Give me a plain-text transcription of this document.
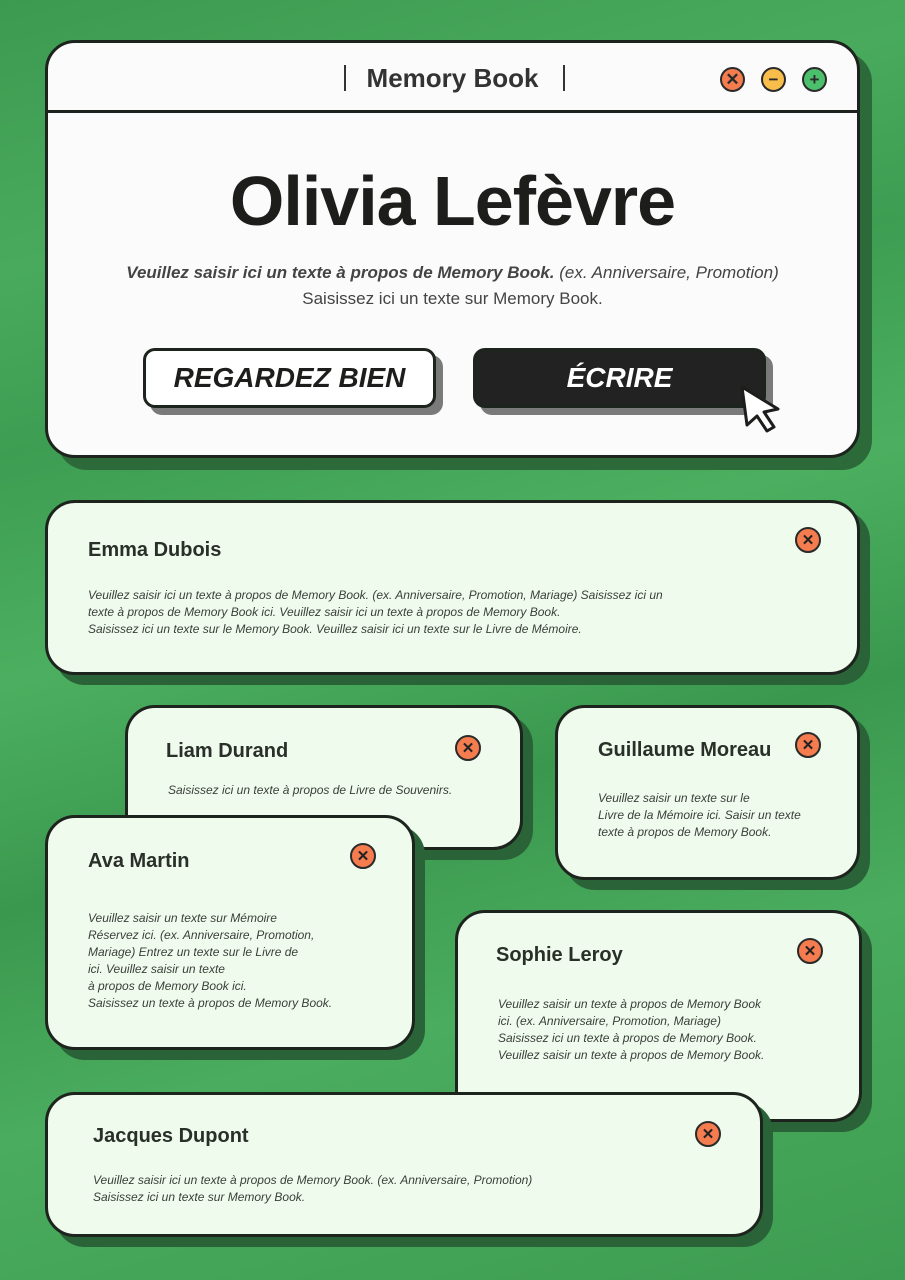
Memory Book	✕	−	+
Olivia Lefèvre
Veuillez saisir ici un texte à propos de Memory Book. (ex. Anniversaire, Promotion)
Saisissez ici un texte sur Memory Book.
REGARDEZ BIEN	ÉCRIRE
Emma Dubois	✕
Veuillez saisir ici un texte à propos de Memory Book. (ex. Anniversaire, Promotion, Mariage) Saisissez ici un
texte à propos de Memory Book ici. Veuillez saisir ici un texte à propos de Memory Book.
Saisissez ici un texte sur le Memory Book. Veuillez saisir ici un texte sur le Livre de Mémoire.
Liam Durand	✕
Saisissez ici un texte à propos de Livre de Souvenirs.
Guillaume Moreau	✕
Veuillez saisir un texte sur le
Livre de la Mémoire ici. Saisir un texte
texte à propos de Memory Book.
Ava Martin	✕
Veuillez saisir un texte sur Mémoire
Réservez ici. (ex. Anniversaire, Promotion,
Mariage) Entrez un texte sur le Livre de
ici. Veuillez saisir un texte
à propos de Memory Book ici.
Saisissez un texte à propos de Memory Book.
Sophie Leroy	✕
Veuillez saisir un texte à propos de Memory Book
ici. (ex. Anniversaire, Promotion, Mariage)
Saisissez ici un texte à propos de Memory Book.
Veuillez saisir un texte à propos de Memory Book.
Jacques Dupont	✕
Veuillez saisir ici un texte à propos de Memory Book. (ex. Anniversaire, Promotion)
Saisissez ici un texte sur Memory Book.
